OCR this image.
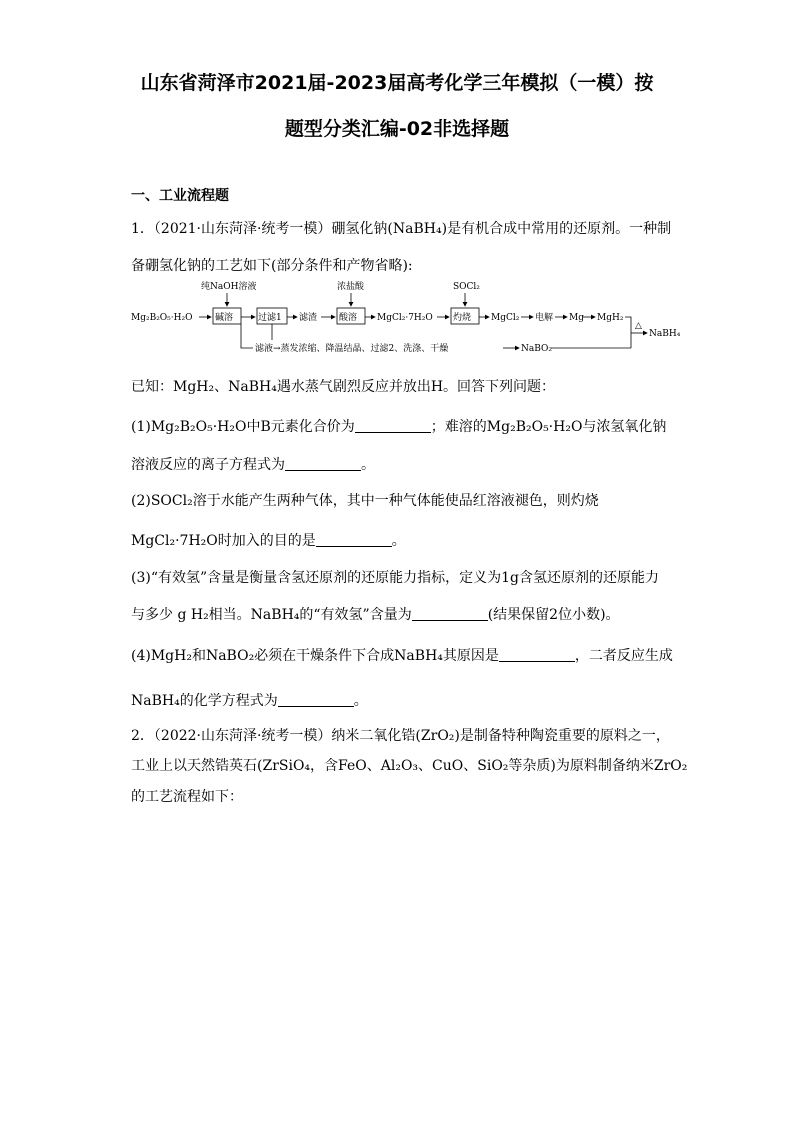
山东省菏泽市2021届-2023届高考化学三年模拟（一模）按
题型分类汇编-02非选择题
一、工业流程题
1．（2021·山东菏泽·统考一模）硼氢化钠(NaBH₄)是有机合成中常用的还原剂。一种制
备硼氢化钠的工艺如下(部分条件和产物省略):
Mg₂B₂O₅·H₂O	碱溶
纯NaOH溶液
过滤1 滤渣 酸溶
浓盐酸
MgCl₂·7H₂O 灼烧
SOCl₂
MgCl₂ 电解 Mg MgH₂
△
NaBH₄
滤液→蒸发浓缩、降温结晶、过滤2、洗涤、干燥	NaBO₂
已知：MgH₂、NaBH₄遇水蒸气剧烈反应并放出H。回答下列问题：
(1)Mg₂B₂O₅·H₂O中B元素化合价为	；难溶的Mg₂B₂O₅·H₂O与浓氢氧化钠
溶液反应的离子方程式为	。
(2)SOCl₂溶于水能产生两种气体，其中一种气体能使品红溶液褪色，则灼烧
MgCl₂·7H₂O时加入的目的是	。
(3)“有效氢”含量是衡量含氢还原剂的还原能力指标，定义为1g含氢还原剂的还原能力
与多少 g H₂相当。NaBH₄的“有效氢”含量为	(结果保留2位小数)。
(4)MgH₂和NaBO₂必须在干燥条件下合成NaBH₄其原因是	，二者反应生成
NaBH₄的化学方程式为	。
2．（2022·山东菏泽·统考一模）纳米二氧化锆(ZrO₂)是制备特种陶瓷重要的原料之一，
工业上以天然锆英石(ZrSiO₄，含FeO、Al₂O₃、CuO、SiO₂等杂质)为原料制备纳米ZrO₂
的工艺流程如下：
